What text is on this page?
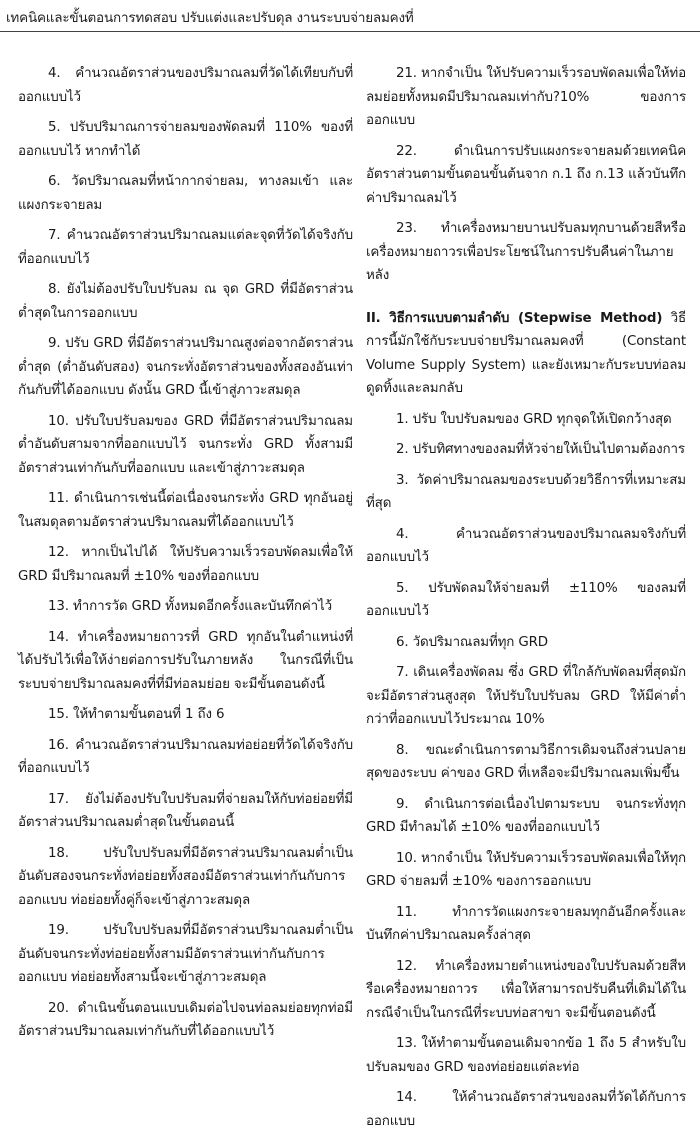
เทคนิคและขั้นตอนการทดสอบ ปรับแต่งและปรับดุล งานระบบจ่ายลมคงที่

4. คำนวณอัตราส่วนของปริมาณลมที่วัดได้เทียบกับที่ออกแบบไว้

5. ปรับปริมาณการจ่ายลมของพัดลมที่ 110% ของที่ออกแบบไว้ หากทำได้

6. วัดปริมาณลมที่หน้ากากจ่ายลม, ทางลมเข้า และแผงกระจายลม

7. คำนวณอัตราส่วนปริมาณลมแต่ละจุดที่วัดได้จริงกับที่ออกแบบไว้

8. ยังไม่ต้องปรับใบปรับลม ณ จุด GRD ที่มีอัตราส่วนต่ำสุดในการออกแบบ

9. ปรับ GRD ที่มีอัตราส่วนปริมาณสูงต่อจากอัตราส่วนต่ำสุด (ต่ำอันดับสอง) จนกระทั่งอัตราส่วนของทั้งสองอันเท่ากันกับที่ได้ออกแบบ ดังนั้น GRD นี้เข้าสู่ภาวะสมดุล

10. ปรับใบปรับลมของ GRD ที่มีอัตราส่วนปริมาณลมต่ำอันดับสามจากที่ออกแบบไว้ จนกระทั่ง GRD ทั้งสามมีอัตราส่วนเท่ากันกับที่ออกแบบ และเข้าสู่ภาวะสมดุล

11. ดำเนินการเช่นนี้ต่อเนื่องจนกระทั่ง GRD ทุกอันอยู่ในสมดุลตามอัตราส่วนปริมาณลมที่ได้ออกแบบไว้

12. หากเป็นไปได้ ให้ปรับความเร็วรอบพัดลมเพื่อให้ GRD มีปริมาณลมที่ ±10% ของที่ออกแบบ

13. ทำการวัด GRD ทั้งหมดอีกครั้งและบันทึกค่าไว้

14. ทำเครื่องหมายถาวรที่ GRD ทุกอันในตำแหน่งที่ได้ปรับไว้เพื่อให้ง่ายต่อการปรับในภายหลัง ในกรณีที่เป็นระบบจ่ายปริมาณลมคงที่ที่มีท่อลมย่อย จะมีขั้นตอนดังนี้

15. ให้ทำตามขั้นตอนที่ 1 ถึง 6

16. คำนวณอัตราส่วนปริมาณลมท่อย่อยที่วัดได้จริงกับที่ออกแบบไว้

17. ยังไม่ต้องปรับใบปรับลมที่จ่ายลมให้กับท่อย่อยที่มีอัตราส่วนปริมาณลมต่ำสุดในขั้นตอนนี้

18. ปรับใบปรับลมที่มีอัตราส่วนปริมาณลมต่ำเป็นอันดับสองจนกระทั่งท่อย่อยทั้งสองมีอัตราส่วนเท่ากันกับการออกแบบ ท่อย่อยทั้งคู่ก็จะเข้าสู่ภาวะสมดุล

19. ปรับใบปรับลมที่มีอัตราส่วนปริมาณลมต่ำเป็นอันดับจนกระทั่งท่อย่อยทั้งสามมีอัตราส่วนเท่ากันกับการออกแบบ ท่อย่อยทั้งสามนี้จะเข้าสู่ภาวะสมดุล

20. ดำเนินขั้นตอนแบบเดิมต่อไปจนท่อลมย่อยทุกท่อมีอัตราส่วนปริมาณลมเท่ากันกับที่ได้ออกแบบไว้

21. หากจำเป็น ให้ปรับความเร็วรอบพัดลมเพื่อให้ท่อลมย่อยทั้งหมดมีปริมาณลมเท่ากับ?10% ของการออกแบบ

22. ดำเนินการปรับแผงกระจายลมด้วยเทคนิคอัตราส่วนตามขั้นตอนขั้นต้นจาก ก.1 ถึง ก.13 แล้วบันทึกค่าปริมาณลมไว้

23. ทำเครื่องหมายบานปรับลมทุกบานด้วยสีหรือเครื่องหมายถาวรเพื่อประโยชน์ในการปรับคืนค่าในภายหลัง

II. วิธีการแบบตามลำดับ (Stepwise Method) วิธีการนี้มักใช้กับระบบจ่ายปริมาณลมคงที่ (Constant Volume Supply System) และยังเหมาะกับระบบท่อลมดูดทิ้งและลมกลับ

1. ปรับ ใบปรับลมของ GRD ทุกจุดให้เปิดกว้างสุด

2. ปรับทิศทางของลมที่หัวจ่ายให้เป็นไปตามต้องการ

3. วัดค่าปริมาณลมของระบบด้วยวิธีการที่เหมาะสมที่สุด

4. คำนวณอัตราส่วนของปริมาณลมจริงกับที่ออกแบบไว้

5. ปรับพัดลมให้จ่ายลมที่ ±110% ของลมที่ออกแบบไว้

6. วัดปริมาณลมที่ทุก GRD

7. เดินเครื่องพัดลม ซึ่ง GRD ที่ใกล้กับพัดลมที่สุดมักจะมีอัตราส่วนสูงสุด ให้ปรับใบปรับลม GRD ให้มีค่าต่ำกว่าที่ออกแบบไว้ประมาณ 10%

8. ขณะดำเนินการตามวิธีการเดิมจนถึงส่วนปลายสุดของระบบ ค่าของ GRD ที่เหลือจะมีปริมาณลมเพิ่มขึ้น

9. ดำเนินการต่อเนื่องไปตามระบบ จนกระทั่งทุก GRD มีทำลมได้ ±10% ของที่ออกแบบไว้

10. หากจำเป็น ให้ปรับความเร็วรอบพัดลมเพื่อให้ทุก GRD จ่ายลมที่ ±10% ของการออกแบบ

11. ทำการวัดแผงกระจายลมทุกอันอีกครั้งและบันทึกค่าปริมาณลมครั้งล่าสุด

12. ทำเครื่องหมายตำแหน่งของใบปรับลมด้วยสีหรือเครื่องหมายถาวร เพื่อให้สามารถปรับคืนที่เดิมได้ในกรณีจำเป็นในกรณีที่ระบบท่อสาขา จะมีขั้นตอนดังนี้

13. ให้ทำตามขั้นตอนเดิมจากข้อ 1 ถึง 5 สำหรับใบปรับลมของ GRD ของท่อย่อยแต่ละท่อ

14. ให้คำนวณอัตราส่วนของลมที่วัดได้กับการออกแบบ
